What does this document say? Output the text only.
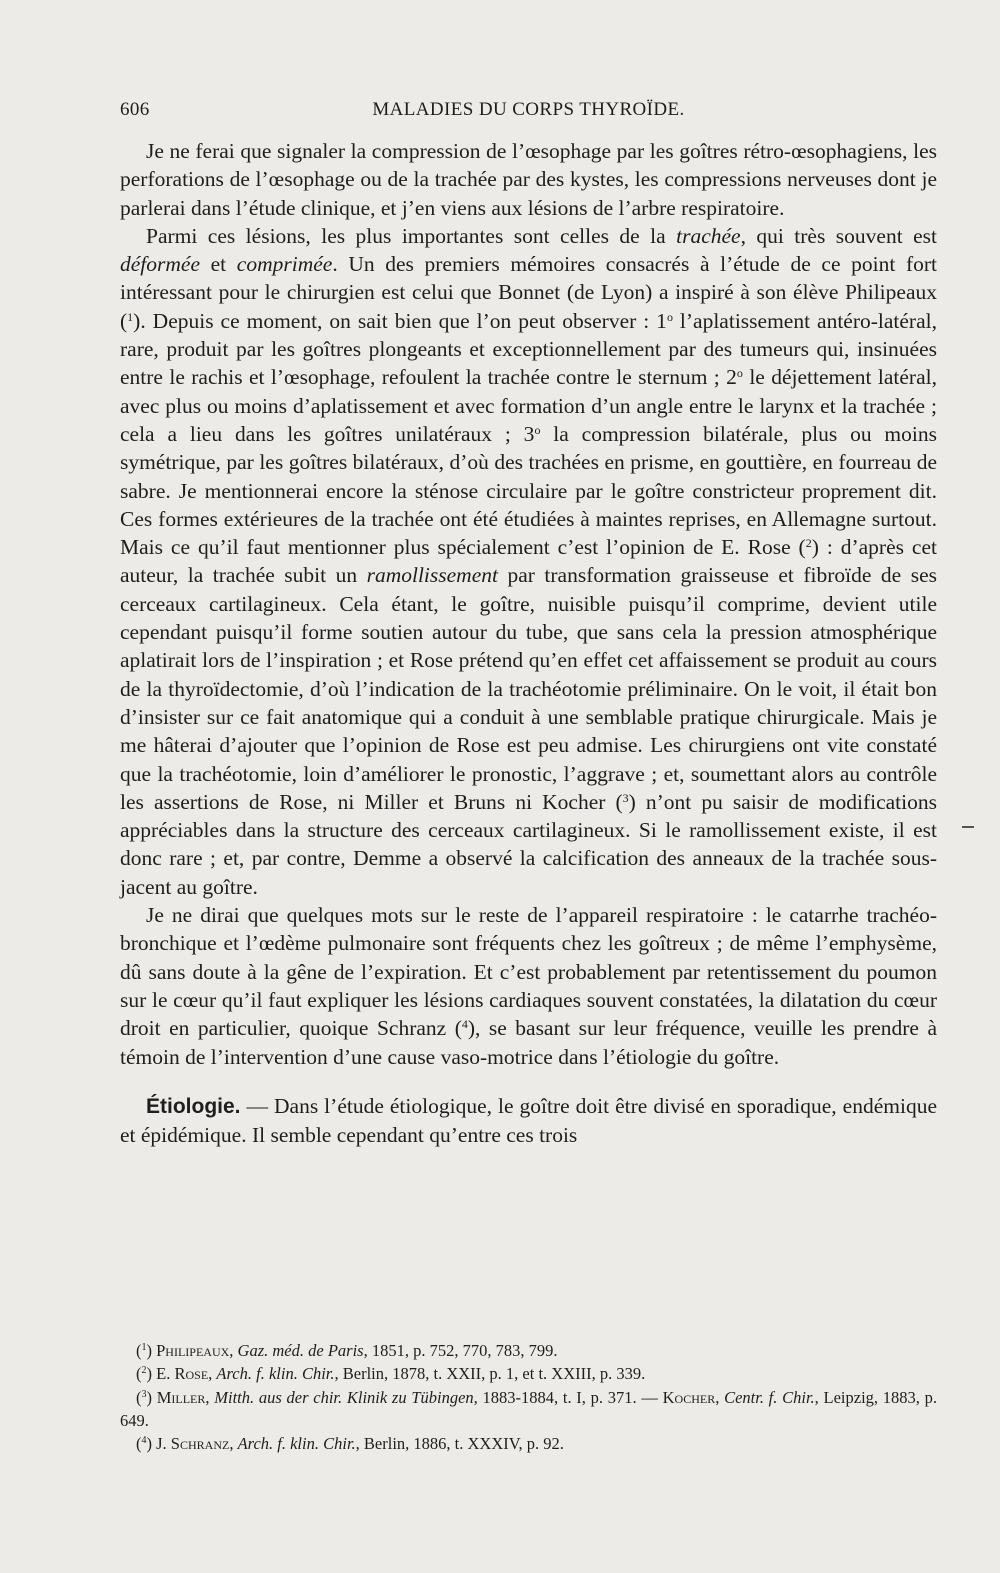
606	MALADIES DU CORPS THYROÏDE.

Je ne ferai que signaler la compression de l’œsophage par les goîtres rétro-œsophagiens, les perforations de l’œsophage ou de la trachée par des kystes, les compressions nerveuses dont je parlerai dans l’étude clinique, et j’en viens aux lésions de l’arbre respiratoire.

Parmi ces lésions, les plus importantes sont celles de la trachée, qui très souvent est déformée et comprimée. Un des premiers mémoires consacrés à l’étude de ce point fort intéressant pour le chirurgien est celui que Bonnet (de Lyon) a inspiré à son élève Philipeaux ($^1$). Depuis ce moment, on sait bien que l’on peut observer : 1$^o$ l’aplatissement antéro-latéral, rare, produit par les goîtres plongeants et exceptionnellement par des tumeurs qui, insinuées entre le rachis et l’œsophage, refoulent la trachée contre le sternum ; 2$^o$ le déjettement latéral, avec plus ou moins d’aplatissement et avec formation d’un angle entre le larynx et la trachée ; cela a lieu dans les goîtres unilatéraux ; 3$^o$ la compression bilatérale, plus ou moins symétrique, par les goîtres bilatéraux, d’où des trachées en prisme, en gouttière, en fourreau de sabre. Je mentionnerai encore la sténose circulaire par le goître constricteur proprement dit. Ces formes extérieures de la trachée ont été étudiées à maintes reprises, en Allemagne surtout. Mais ce qu’il faut mentionner plus spécialement c’est l’opinion de E. Rose ($^2$) : d’après cet auteur, la trachée subit un ramollissement par transformation graisseuse et fibroïde de ses cerceaux cartilagineux. Cela étant, le goître, nuisible puisqu’il comprime, devient utile cependant puisqu’il forme soutien autour du tube, que sans cela la pression atmosphérique aplatirait lors de l’inspiration ; et Rose prétend qu’en effet cet affaissement se produit au cours de la thyroïdectomie, d’où l’indication de la trachéotomie préliminaire. On le voit, il était bon d’insister sur ce fait anatomique qui a conduit à une semblable pratique chirurgicale. Mais je me hâterai d’ajouter que l’opinion de Rose est peu admise. Les chirurgiens ont vite constaté que la trachéotomie, loin d’améliorer le pronostic, l’aggrave ; et, soumettant alors au contrôle les assertions de Rose, ni Miller et Bruns ni Kocher ($^3$) n’ont pu saisir de modifications appréciables dans la structure des cerceaux cartilagineux. Si le ramollissement existe, il est donc rare ; et, par contre, Demme a observé la calcification des anneaux de la trachée sous-jacent au goître.

Je ne dirai que quelques mots sur le reste de l’appareil respiratoire : le catarrhe trachéo-bronchique et l’œdème pulmonaire sont fréquents chez les goîtreux ; de même l’emphysème, dû sans doute à la gêne de l’expiration. Et c’est probablement par retentissement du poumon sur le cœur qu’il faut expliquer les lésions cardiaques souvent constatées, la dilatation du cœur droit en particulier, quoique Schranz ($^4$), se basant sur leur fréquence, veuille les prendre à témoin de l’intervention d’une cause vaso-motrice dans l’étiologie du goître.

Étiologie. — Dans l’étude étiologique, le goître doit être divisé en sporadique, endémique et épidémique. Il semble cependant qu’entre ces trois

($^1$) Philipeaux, Gaz. méd. de Paris, 1851, p. 752, 770, 783, 799.

($^2$) E. Rose, Arch. f. klin. Chir., Berlin, 1878, t. XXII, p. 1, et t. XXIII, p. 339.

($^3$) Miller, Mitth. aus der chir. Klinik zu Tübingen, 1883-1884, t. I, p. 371. — Kocher, Centr. f. Chir., Leipzig, 1883, p. 649.

($^4$) J. Schranz, Arch. f. klin. Chir., Berlin, 1886, t. XXXIV, p. 92.
